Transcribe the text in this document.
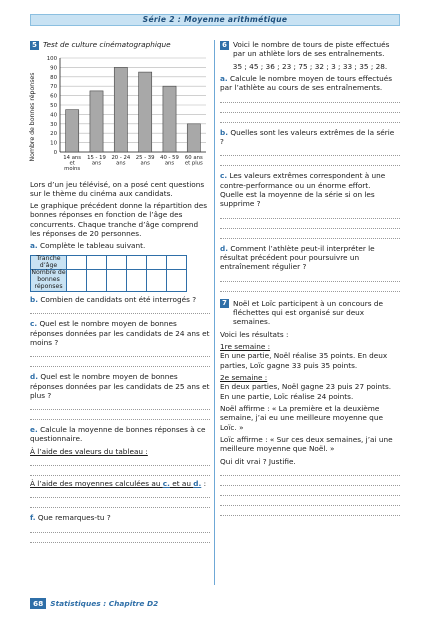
Série 2 : Moyenne arithmétique
5 Test de culture cinématographique
Nombre de bonnes réponses	0
10
20
30
40
50
60
70
80
90
100
14 ans
et
moins
15 - 19
ans
20 - 24
ans
25 - 39
ans
40 - 59
ans
60 ans
et plus
Lors d’un jeu télévisé, on a posé cent questions sur le thème du cinéma aux candidats.
Le graphique précédent donne la répartition des bonnes réponses en fonction de l’âge des concurrents. Chaque tranche d’âge comprend les réponses de 20 personnes.
a. Complète le tableau suivant.
Tranche d’âge						
Nombre de bonnes réponses						
b. Combien de candidats ont été interrogés ?
c. Quel est le nombre moyen de bonnes réponses données par les candidats de 24 ans et moins ?
d. Quel est le nombre moyen de bonnes réponses données par les candidats de 25 ans et plus ?
e. Calcule la moyenne de bonnes réponses à ce questionnaire.
À l’aide des valeurs du tableau :
À l’aide des moyennes calculées au c. et au d. :
f. Que remarques-tu ?
6 Voici le nombre de tours de piste effectués par un athlète lors de ses entraînements.
35 ; 45 ; 36 ; 23 ; 75 ; 32 ; 3 ; 33 ; 35 ; 28.
a. Calcule le nombre moyen de tours effectués par l’athlète au cours de ses entraînements.
b. Quelles sont les valeurs extrêmes de la série ?
c. Les valeurs extrêmes correspondent à une contre-performance ou un énorme effort.
Quelle est la moyenne de la série si on les supprime ?
d. Comment l’athlète peut-il interpréter le résultat précédent pour poursuivre un entraînement régulier ?
7 Noël et Loïc participent à un concours de fléchettes qui est organisé sur deux semaines.
Voici les résultats :
1re semaine :
En une partie, Noël réalise 35 points. En deux parties, Loïc gagne 33 puis 35 points.
2e semaine :
En deux parties, Noël gagne 23 puis 27 points. En une partie, Loïc réalise 24 points.
Noël affirme : « La première et la deuxième semaine, j’ai eu une meilleure moyenne que Loïc. »
Loïc affirme : « Sur ces deux semaines, j’ai une meilleure moyenne que Noël. »
Qui dit vrai ? Justifie.
68 Statistiques : Chapitre D2
